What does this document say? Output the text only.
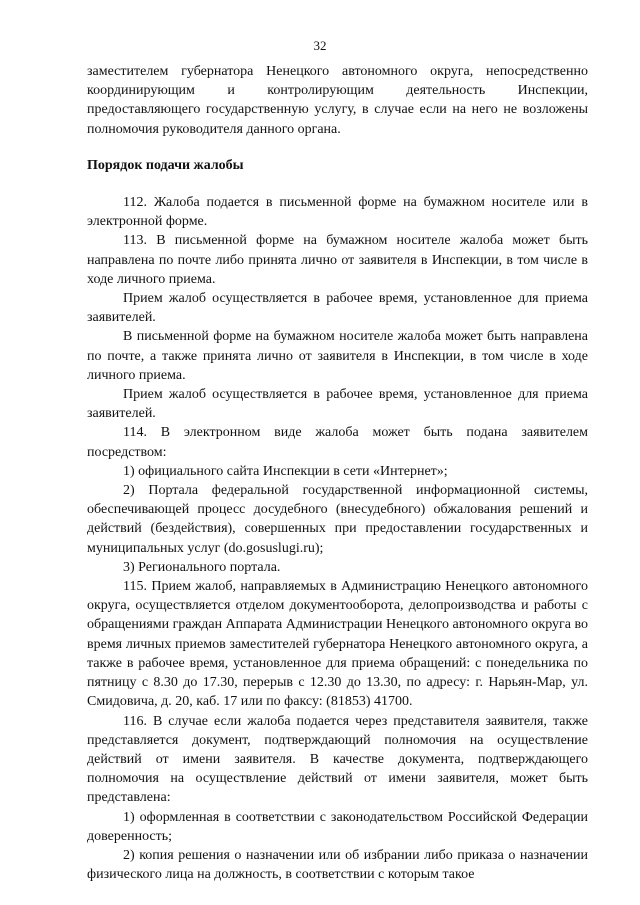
32

заместителем губернатора Ненецкого автономного округа, непосредственно координирующим и контролирующим деятельность Инспекции, предоставляющего государственную услугу, в случае если на него не возложены полномочия руководителя данного органа.

Порядок подачи жалобы

112. Жалоба подается в письменной форме на бумажном носителе или в электронной форме.

113. В письменной форме на бумажном носителе жалоба может быть направлена по почте либо принята лично от заявителя в Инспекции, в том числе в ходе личного приема.

Прием жалоб осуществляется в рабочее время, установленное для приема заявителей.

В письменной форме на бумажном носителе жалоба может быть направлена по почте, а также принята лично от заявителя в Инспекции, в том числе в ходе личного приема.

Прием жалоб осуществляется в рабочее время, установленное для приема заявителей.

114. В электронном виде жалоба может быть подана заявителем посредством:

1) официального сайта Инспекции в сети «Интернет»;

2) Портала федеральной государственной информационной системы, обеспечивающей процесс досудебного (внесудебного) обжалования решений и действий (бездействия), совершенных при предоставлении государственных и муниципальных услуг (do.gosuslugi.ru);

3) Регионального портала.

115. Прием жалоб, направляемых в Администрацию Ненецкого автономного округа, осуществляется отделом документооборота, делопроизводства и работы с обращениями граждан Аппарата Администрации Ненецкого автономного округа во время личных приемов заместителей губернатора Ненецкого автономного округа, а также в рабочее время, установленное для приема обращений: с понедельника по пятницу с 8.30 до 17.30, перерыв с 12.30 до 13.30, по адресу: г. Нарьян-Мар, ул. Смидовича, д. 20, каб. 17 или по факсу: (81853) 41700.

116. В случае если жалоба подается через представителя заявителя, также представляется документ, подтверждающий полномочия на осуществление действий от имени заявителя. В качестве документа, подтверждающего полномочия на осуществление действий от имени заявителя, может быть представлена:

1) оформленная в соответствии с законодательством Российской Федерации доверенность;

2) копия решения о назначении или об избрании либо приказа о назначении физического лица на должность, в соответствии с которым такое
